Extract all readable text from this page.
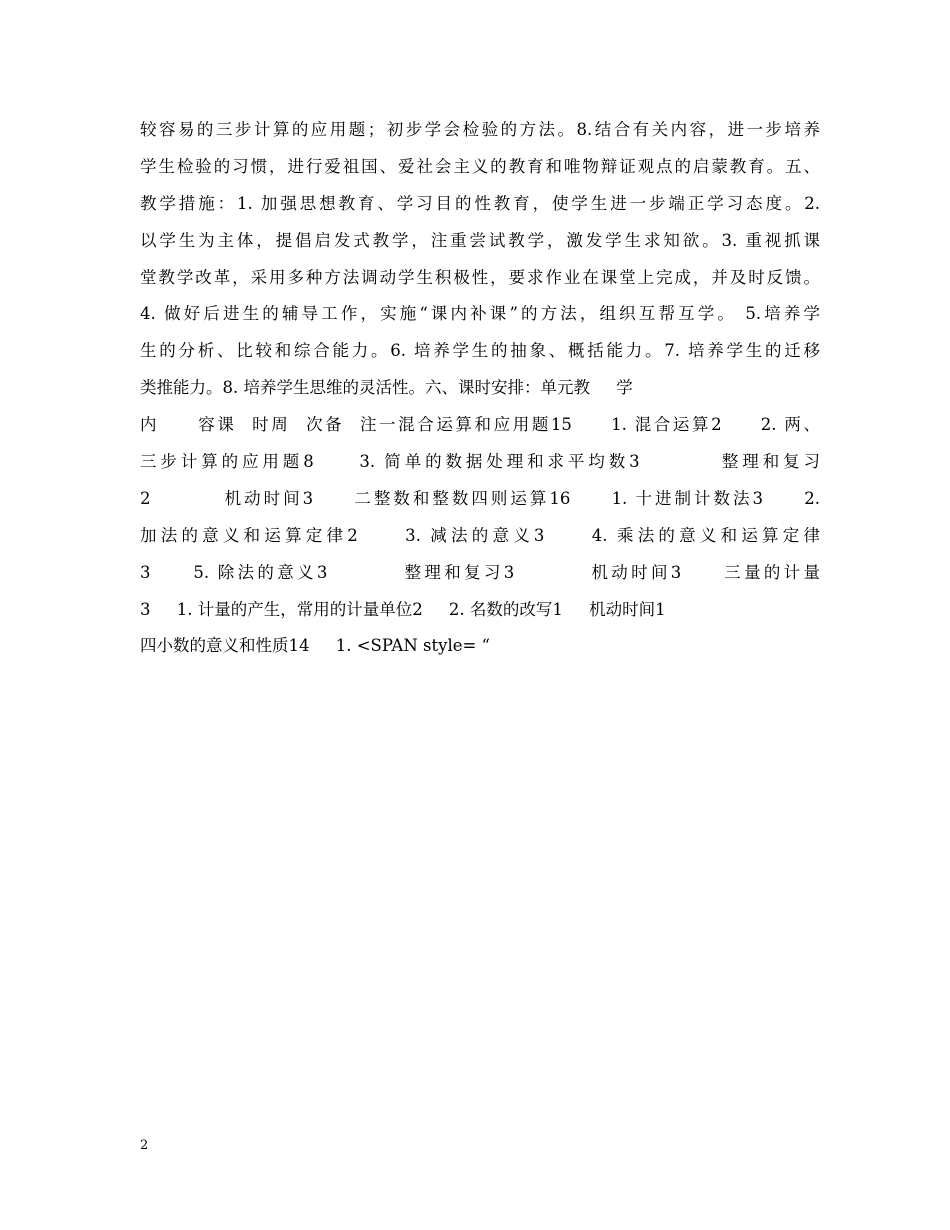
较容易的三步计算的应用题；初步学会检验的方法。8.结合有关内容，进一步培养
学生检验的习惯，进行爱祖国、爱社会主义的教育和唯物辩证观点的启蒙教育。五、
教学措施：1. 加强思想教育、学习目的性教育，使学生进一步端正学习态度。2.
以学生为主体，提倡启发式教学，注重尝试教学，激发学生求知欲。3. 重视抓课
堂教学改革，采用多种方法调动学生积极性，要求作业在课堂上完成，并及时反馈。
4. 做好后进生的辅导工作，实施“课内补课”的方法，组织互帮互学。 5.培养学
生的分析、比较和综合能力。6. 培养学生的抽象、概括能力。7. 培养学生的迁移
类推能力。8. 培养学生思维的灵活性。六、课时安排：单元教     学
内     容课  时周  次备  注一混合运算和应用题15     1. 混合运算2     2. 两、
三步计算的应用题8     3. 简单的数据处理和求平均数3         整理和复习
2         机动时间3     二整数和整数四则运算16     1. 十进制计数法3     2.
加法的意义和运算定律2     3. 减法的意义3     4. 乘法的意义和运算定律
3     5. 除法的意义3         整理和复习3         机动时间3     三量的计量
3     1. 计量的产生，常用的计量单位2     2. 名数的改写1     机动时间1
四小数的意义和性质14     1. <SPAN style= “
2
